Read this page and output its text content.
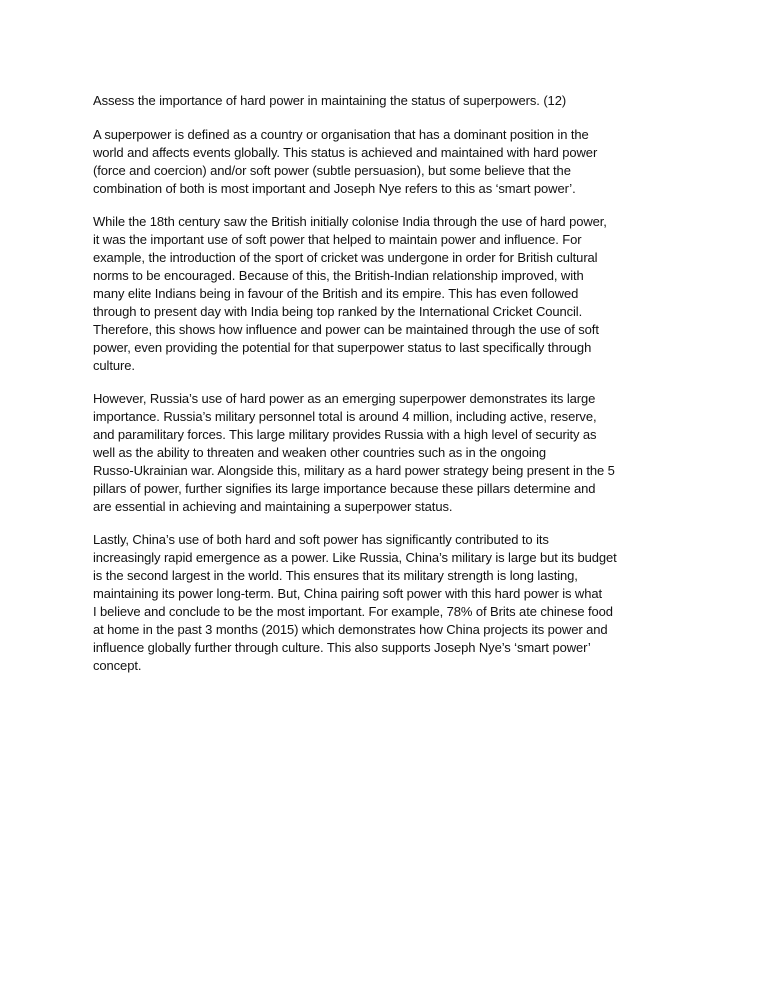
Assess the importance of hard power in maintaining the status of superpowers. (12)
A superpower is defined as a country or organisation that has a dominant position in the
world and affects events globally. This status is achieved and maintained with hard power
(force and coercion) and/or soft power (subtle persuasion), but some believe that the
combination of both is most important and Joseph Nye refers to this as ‘smart power’.
While the 18th century saw the British initially colonise India through the use of hard power,
it was the important use of soft power that helped to maintain power and influence. For
example, the introduction of the sport of cricket was undergone in order for British cultural
norms to be encouraged. Because of this, the British-Indian relationship improved, with
many elite Indians being in favour of the British and its empire. This has even followed
through to present day with India being top ranked by the International Cricket Council.
Therefore, this shows how influence and power can be maintained through the use of soft
power, even providing the potential for that superpower status to last specifically through
culture.
However, Russia’s use of hard power as an emerging superpower demonstrates its large
importance. Russia’s military personnel total is around 4 million, including active, reserve,
and paramilitary forces. This large military provides Russia with a high level of security as
well as the ability to threaten and weaken other countries such as in the ongoing
Russo-Ukrainian war. Alongside this, military as a hard power strategy being present in the 5
pillars of power, further signifies its large importance because these pillars determine and
are essential in achieving and maintaining a superpower status.
Lastly, China’s use of both hard and soft power has significantly contributed to its
increasingly rapid emergence as a power. Like Russia, China’s military is large but its budget
is the second largest in the world. This ensures that its military strength is long lasting,
maintaining its power long-term. But, China pairing soft power with this hard power is what
I believe and conclude to be the most important. For example, 78% of Brits ate chinese food
at home in the past 3 months (2015) which demonstrates how China projects its power and
influence globally further through culture. This also supports Joseph Nye’s ‘smart power’
concept.
